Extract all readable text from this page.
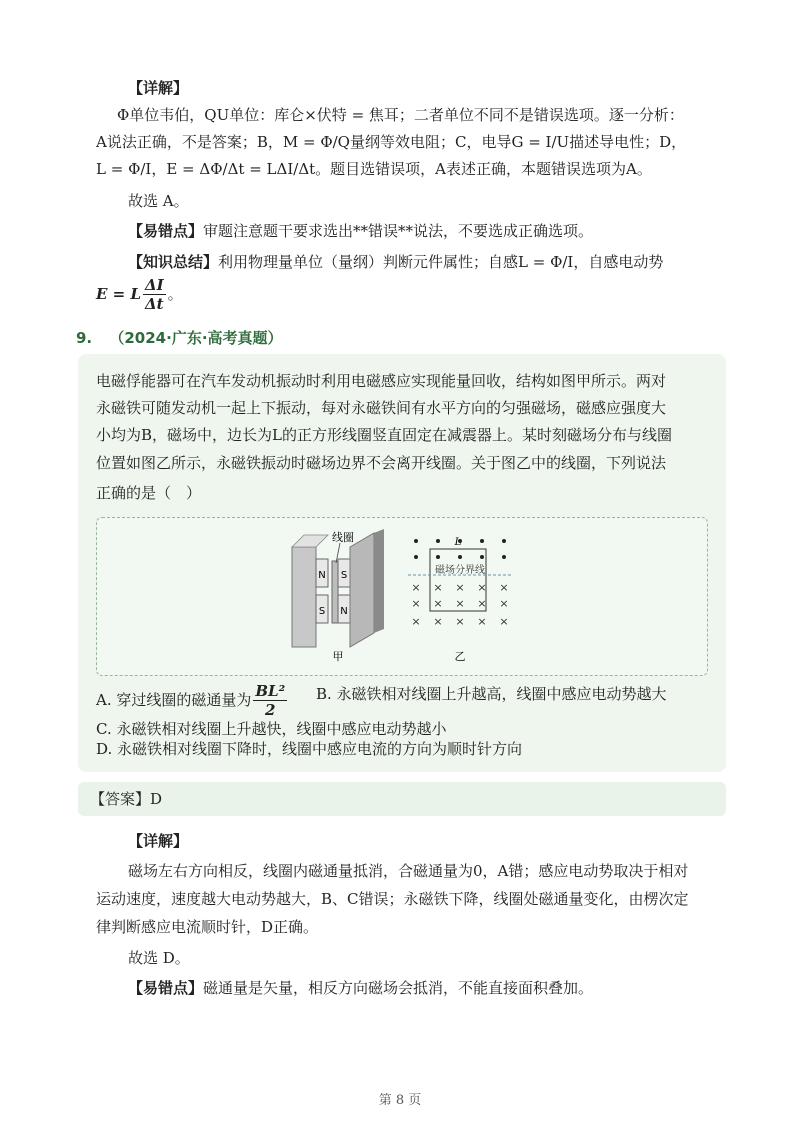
【详解】
Φ单位韦伯，QU单位：库仑×伏特 = 焦耳；二者单位不同不是错误选项。逐一分析：
A说法正确，不是答案；B，M = Φ/Q量纲等效电阻；C，电导G = I/U描述导电性；D，
L = Φ/I，E = ΔΦ/Δt = LΔI/Δt。题目选错误项，A表述正确，本题错误选项为A。
故选 A。
【易错点】审题注意题干要求选出**错误**说法，不要选成正确选项。
【知识总结】利用物理量单位（量纲）判断元件属性；自感L = Φ/I，自感电动势
E = L $\frac{\Delta I}{\Delta t}$ 。
9. （2024·广东·高考真题）
电磁俘能器可在汽车发动机振动时利用电磁感应实现能量回收，结构如图甲所示。两对
永磁铁可随发动机一起上下振动，每对永磁铁间有水平方向的匀强磁场，磁感应强度大
小均为B，磁场中，边长为L的正方形线圈竖直固定在减震器上。某时刻磁场分布与线圈
位置如图乙所示，永磁铁振动时磁场边界不会离开线圈。关于图乙中的线圈，下列说法
正确的是（　）
N S
S N
线圈
甲
× × × × ×
× × × × ×
× × × × ×
L
磁场分界线
乙
A. 穿过线圈的磁通量为 $\frac{\text{BL²}}{2} B$. 永磁铁相对线圈上升越高，线圈中感应电动势越大
C. 永磁铁相对线圈上升越快，线圈中感应电动势越小
D. 永磁铁相对线圈下降时，线圈中感应电流的方向为顺时针方向
【答案】D
【详解】
磁场左右方向相反，线圈内磁通量抵消，合磁通量为0，A错；感应电动势取决于相对
运动速度，速度越大电动势越大，B、C错误；永磁铁下降，线圈处磁通量变化，由楞次定
律判断感应电流顺时针，D正确。
故选 D。
【易错点】磁通量是矢量，相反方向磁场会抵消，不能直接面积叠加。
第 8 页
